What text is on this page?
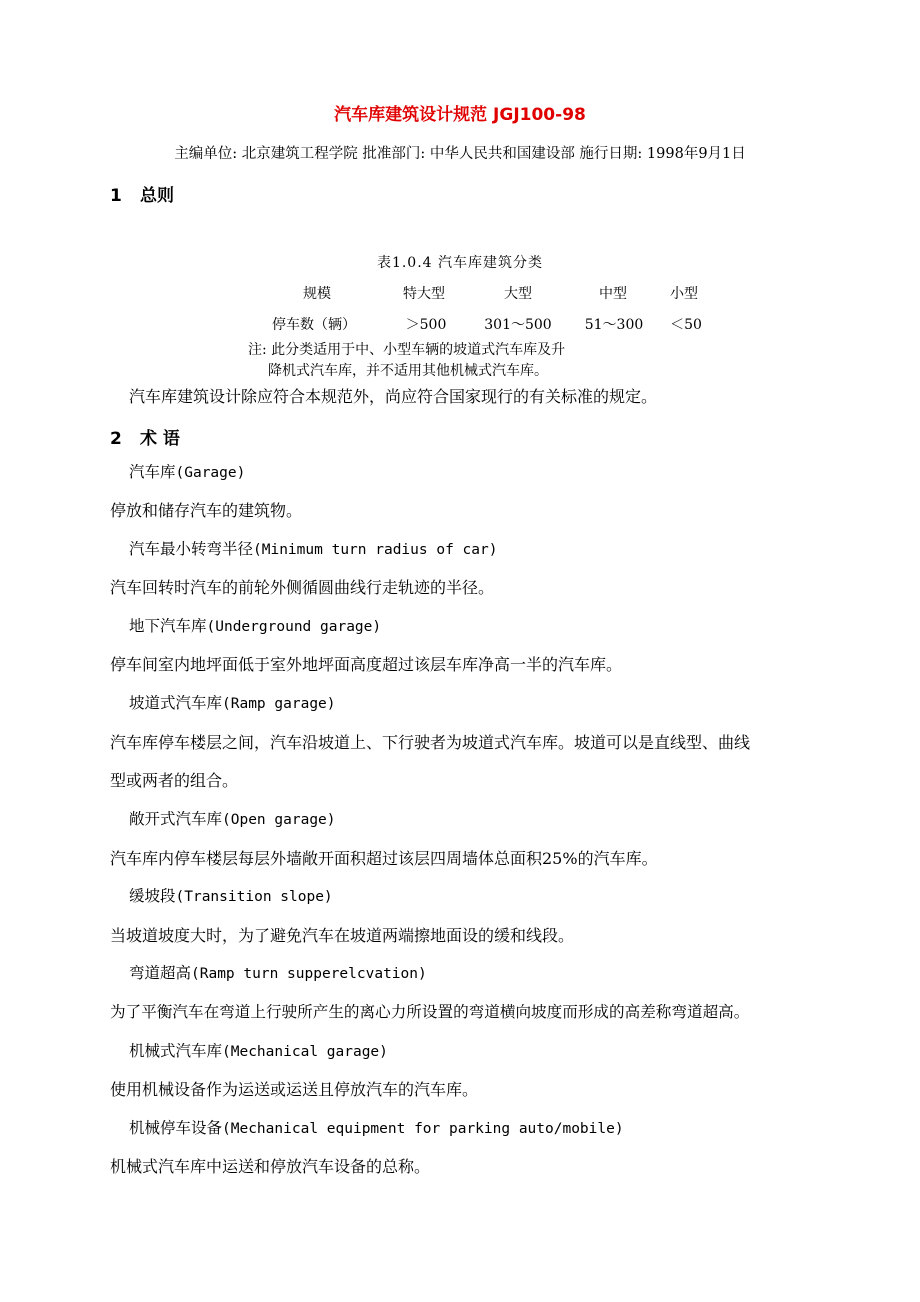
汽车库建筑设计规范 JGJ100-98
主编单位: 北京建筑工程学院 批准部门: 中华人民共和国建设部 施行日期: 1998年9月1日
1 总则
表1.0.4 汽车库建筑分类
规模	特大型	大型	中型	小型
停车数（辆）	＞500	301～500	51～300	＜50
注: 此分类适用于中、小型车辆的坡道式汽车库及升
降机式汽车库，并不适用其他机械式汽车库。
汽车库建筑设计除应符合本规范外，尚应符合国家现行的有关标准的规定。
2 术 语
汽车库(Garage)
停放和储存汽车的建筑物。
汽车最小转弯半径(Minimum turn radius of car)
汽车回转时汽车的前轮外侧循圆曲线行走轨迹的半径。
地下汽车库(Underground garage)
停车间室内地坪面低于室外地坪面高度超过该层车库净高一半的汽车库。
坡道式汽车库(Ramp garage)
汽车库停车楼层之间，汽车沿坡道上、下行驶者为坡道式汽车库。坡道可以是直线型、曲线
型或两者的组合。
敞开式汽车库(Open garage)
汽车库内停车楼层每层外墙敞开面积超过该层四周墙体总面积25%的汽车库。
缓坡段(Transition slope)
当坡道坡度大时，为了避免汽车在坡道两端擦地面设的缓和线段。
弯道超高(Ramp turn supperelcvation)
为了平衡汽车在弯道上行驶所产生的离心力所设置的弯道横向坡度而形成的高差称弯道超高。
机械式汽车库(Mechanical garage)
使用机械设备作为运送或运送且停放汽车的汽车库。
机械停车设备(Mechanical equipment for parking auto/mobile)
机械式汽车库中运送和停放汽车设备的总称。
